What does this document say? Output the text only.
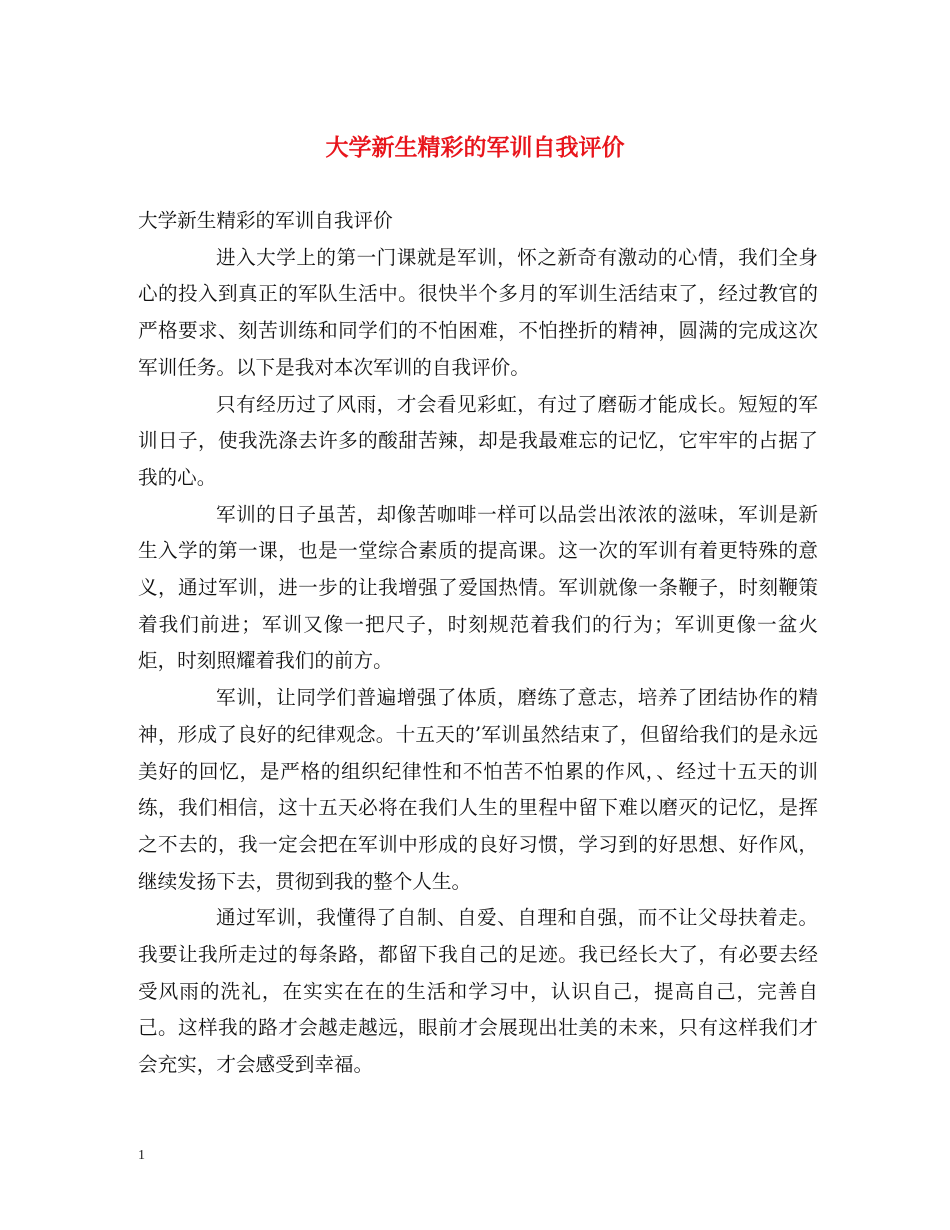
大学新生精彩的军训自我评价

大学新生精彩的军训自我评价

进入大学上的第一门课就是军训，怀之新奇有激动的心情，我们全身心的投入到真正的军队生活中。很快半个多月的军训生活结束了，经过教官的严格要求、刻苦训练和同学们的不怕困难，不怕挫折的精神，圆满的完成这次军训任务。以下是我对本次军训的自我评价。

只有经历过了风雨，才会看见彩虹，有过了磨砺才能成长。短短的军训日子，使我洗涤去许多的酸甜苦辣，却是我最难忘的记忆，它牢牢的占据了我的心。

军训的日子虽苦，却像苦咖啡一样可以品尝出浓浓的滋味，军训是新生入学的第一课，也是一堂综合素质的提高课。这一次的军训有着更特殊的意义，通过军训，进一步的让我增强了爱国热情。军训就像一条鞭子，时刻鞭策着我们前进；军训又像一把尺子，时刻规范着我们的行为；军训更像一盆火炬，时刻照耀着我们的前方。

军训，让同学们普遍增强了体质，磨练了意志，培养了团结协作的精神，形成了良好的纪律观念。十五天的’军训虽然结束了，但留给我们的是永远美好的回忆，是严格的组织纪律性和不怕苦不怕累的作风，、经过十五天的训练，我们相信，这十五天必将在我们人生的里程中留下难以磨灭的记忆，是挥之不去的，我一定会把在军训中形成的良好习惯，学习到的好思想、好作风，继续发扬下去，贯彻到我的整个人生。

通过军训，我懂得了自制、自爱、自理和自强，而不让父母扶着走。我要让我所走过的每条路，都留下我自己的足迹。我已经长大了，有必要去经受风雨的洗礼，在实实在在的生活和学习中，认识自己，提高自己，完善自己。这样我的路才会越走越远，眼前才会展现出壮美的未来，只有这样我们才会充实，才会感受到幸福。

1
